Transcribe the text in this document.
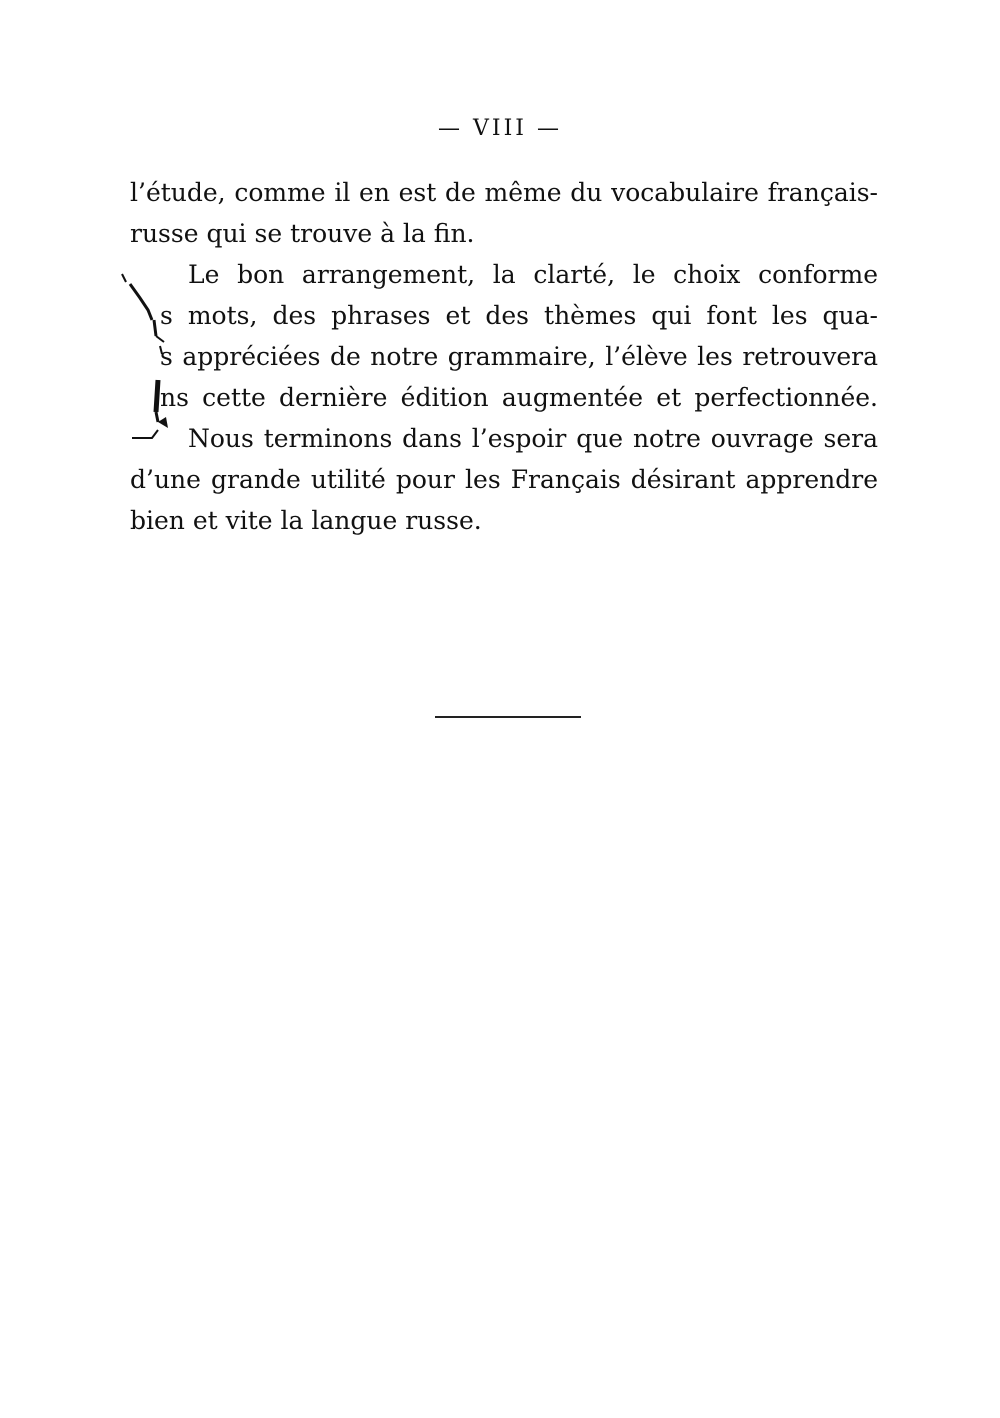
— VIII —
l’étude, comme il en est de même du vocabulaire français-
russe qui se trouve à la fin.
Le bon arrangement, la clarté, le choix conforme
s mots, des phrases et des thèmes qui font les qua-
s appréciées de notre grammaire, l’élève les retrouvera
ns cette dernière édition augmentée et perfectionnée.
Nous terminons dans l’espoir que notre ouvrage sera
d’une grande utilité pour les Français désirant apprendre
bien et vite la langue russe.
